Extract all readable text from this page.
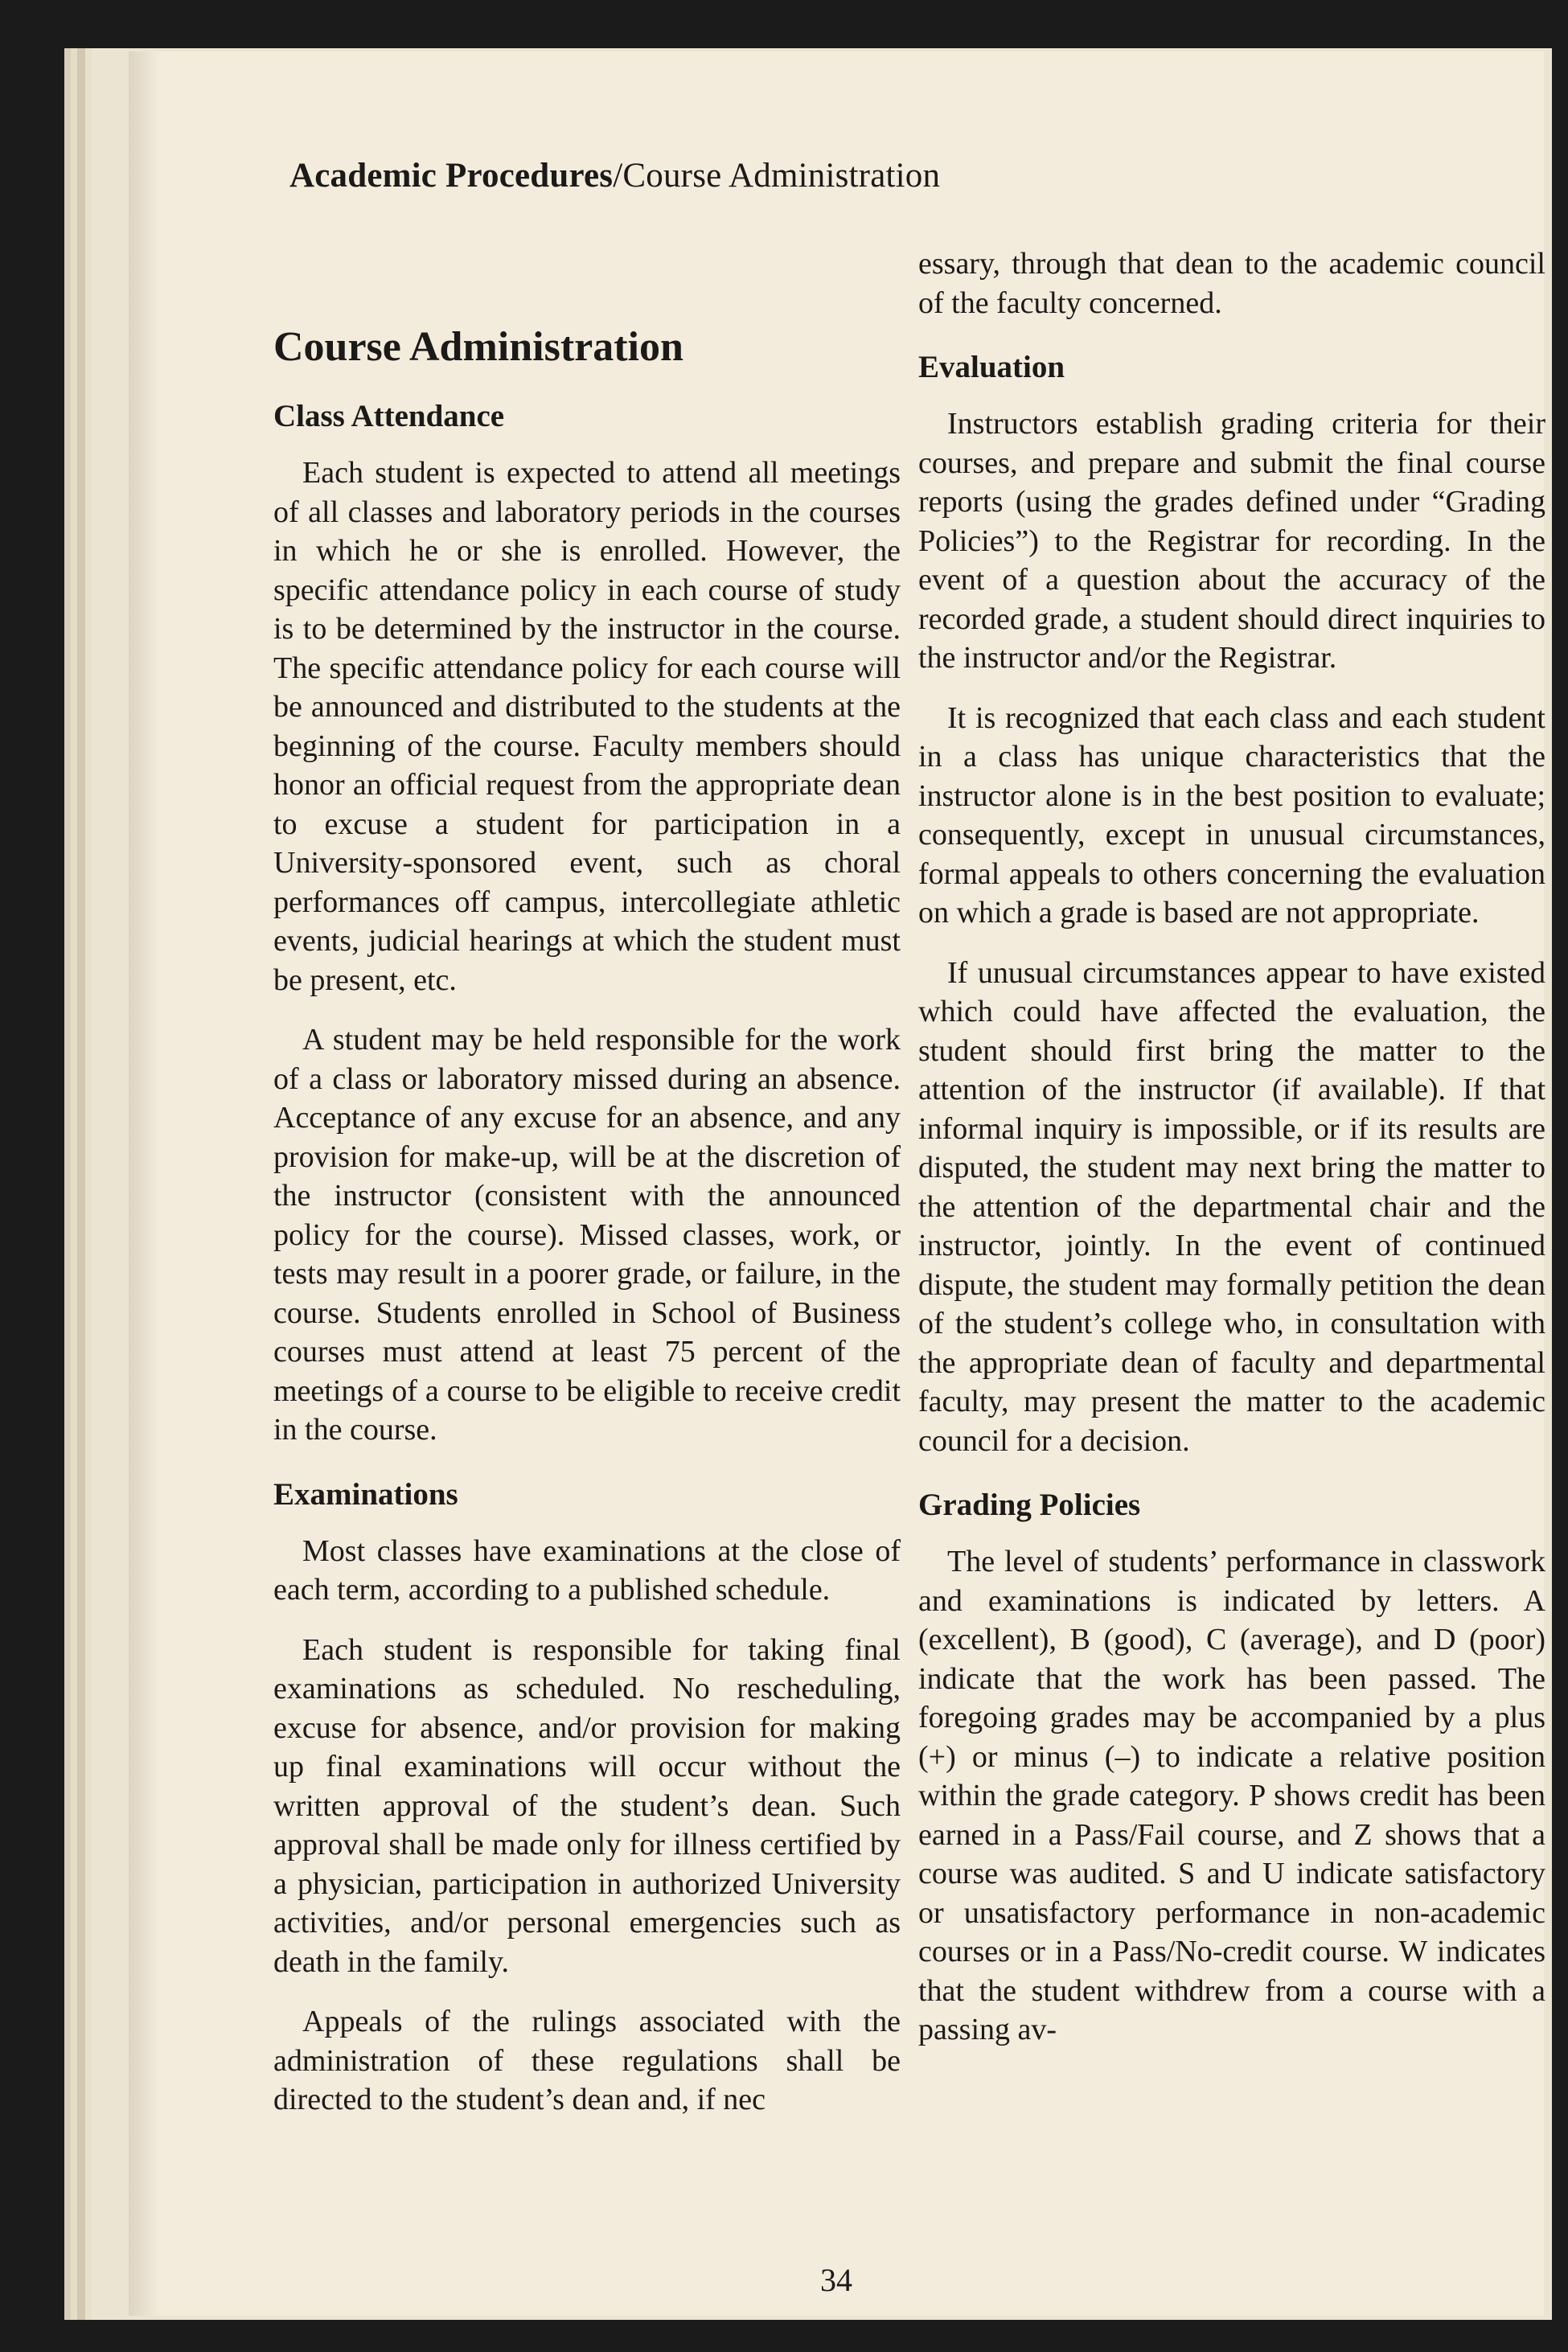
Academic Procedures/Course Administration
Course Administration
Class Attendance

Each student is expected to attend all meetings of all classes and laboratory periods in the courses in which he or she is enrolled. However, the specific attendance policy in each course of study is to be determined by the instructor in the course. The specific attendance policy for each course will be announced and distributed to the students at the beginning of the course. Faculty members should honor an official request from the appropriate dean to excuse a student for participation in a University-sponsored event, such as choral performances off campus, intercollegiate athletic events, judicial hearings at which the student must be present, etc.

A student may be held responsible for the work of a class or laboratory missed during an absence. Acceptance of any excuse for an absence, and any provision for make-up, will be at the discretion of the instructor (consistent with the announced policy for the course). Missed classes, work, or tests may result in a poorer grade, or failure, in the course. Students enrolled in School of Business courses must attend at least 75 percent of the meetings of a course to be eligible to receive credit in the course.

Examinations

Most classes have examinations at the close of each term, according to a published schedule.

Each student is responsible for taking final examinations as scheduled. No rescheduling, excuse for absence, and/or provision for making up final examinations will occur without the written approval of the student’s dean. Such approval shall be made only for illness certified by a physician, participation in authorized University activities, and/or personal emergencies such as death in the family.

Appeals of the rulings associated with the administration of these regulations shall be directed to the student’s dean and, if nec

essary, through that dean to the academic council of the faculty concerned.

Evaluation

Instructors establish grading criteria for their courses, and prepare and submit the final course reports (using the grades defined under “Grading Policies”) to the Registrar for recording. In the event of a question about the accuracy of the recorded grade, a student should direct inquiries to the instructor and/or the Registrar.

It is recognized that each class and each student in a class has unique characteristics that the instructor alone is in the best position to evaluate; consequently, except in unusual circumstances, formal appeals to others concerning the evaluation on which a grade is based are not appropriate.

If unusual circumstances appear to have existed which could have affected the evaluation, the student should first bring the matter to the attention of the instructor (if available). If that informal inquiry is impossible, or if its results are disputed, the student may next bring the matter to the attention of the departmental chair and the instructor, jointly. In the event of continued dispute, the student may formally petition the dean of the student’s college who, in consultation with the appropriate dean of faculty and departmental faculty, may present the matter to the academic council for a decision.

Grading Policies

The level of students’ performance in classwork and examinations is indicated by letters. A (excellent), B (good), C (average), and D (poor) indicate that the work has been passed. The foregoing grades may be accompanied by a plus (+) or minus (–) to indicate a relative position within the grade category. P shows credit has been earned in a Pass/Fail course, and Z shows that a course was audited. S and U indicate satisfactory or unsatisfactory performance in non-academic courses or in a Pass/No-credit course. W indicates that the student withdrew from a course with a passing av-

34
